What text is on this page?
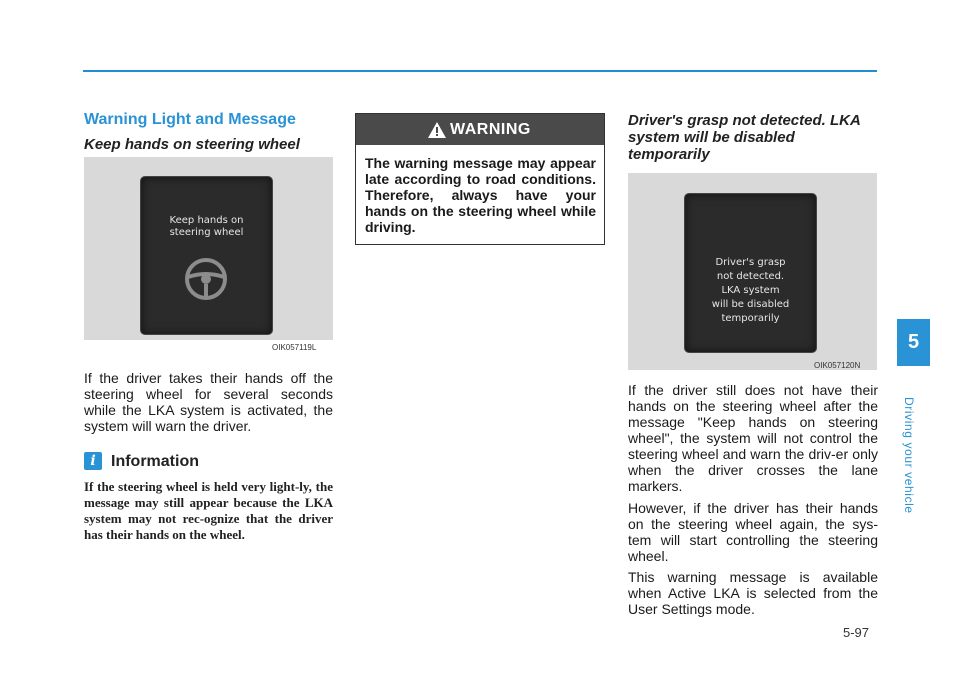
Warning Light and Message
Keep hands on steering wheel
Keep hands on
steering wheel
OIK057119L

If the driver takes their hands off the steering wheel for several seconds while the LKA system is activated, the system will warn the driver.

i Information

If the steering wheel is held very light-ly, the message may still appear because the LKA system may not rec-ognize that the driver has their hands on the wheel.

WARNING

The warning message may appear late according to road conditions. Therefore, always have your hands on the steering wheel while driving.

Driver's grasp not detected. LKA system will be disabled temporarily
Driver's grasp
not detected.
LKA system
will be disabled
temporarily
OIK057120N

If the driver still does not have their hands on the steering wheel after the message "Keep hands on steering wheel", the system will not control the steering wheel and warn the driv-er only when the driver crosses the lane markers.

However, if the driver has their hands on the steering wheel again, the sys-tem will start controlling the steering wheel.

This warning message is available when Active LKA is selected from the User Settings mode.

5
Driving your vehicle
5-97
